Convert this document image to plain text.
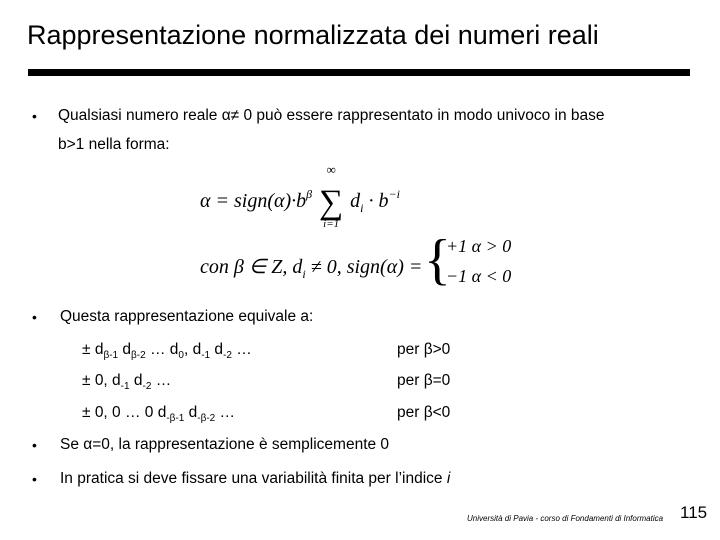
Rappresentazione normalizzata dei numeri reali
• Qualsiasi numero reale α≠ 0 può essere rappresentato in modo univoco in base
b>1 nella forma:
$\alpha = sign(\alpha)\cdot b^\beta$
∞
∑
i=1
$d_i \cdot b^{-i}$
con β ∈ Z, $d_i \ne 0$, sign(α) = {
+1 α > 0
−1 α < 0
• Questa rappresentazione equivale a:
± $d_{\beta-1}$ $d_{\beta-2}$ … $d_0$, $d_{-1}$ $d_{-2}$ …	per β>0
± 0, $d_{-1}$ $d_{-2}$ …	per β=0
± 0, 0 … 0 $d_{-\beta-1}$ $d_{-\beta-2}$ …	per β<0
• Se α=0, la rappresentazione è semplicemente 0
• In pratica si deve fissare una variabilità finita per l’indice i
Università di Pavia - corso di Fondamenti di Informatica 115
